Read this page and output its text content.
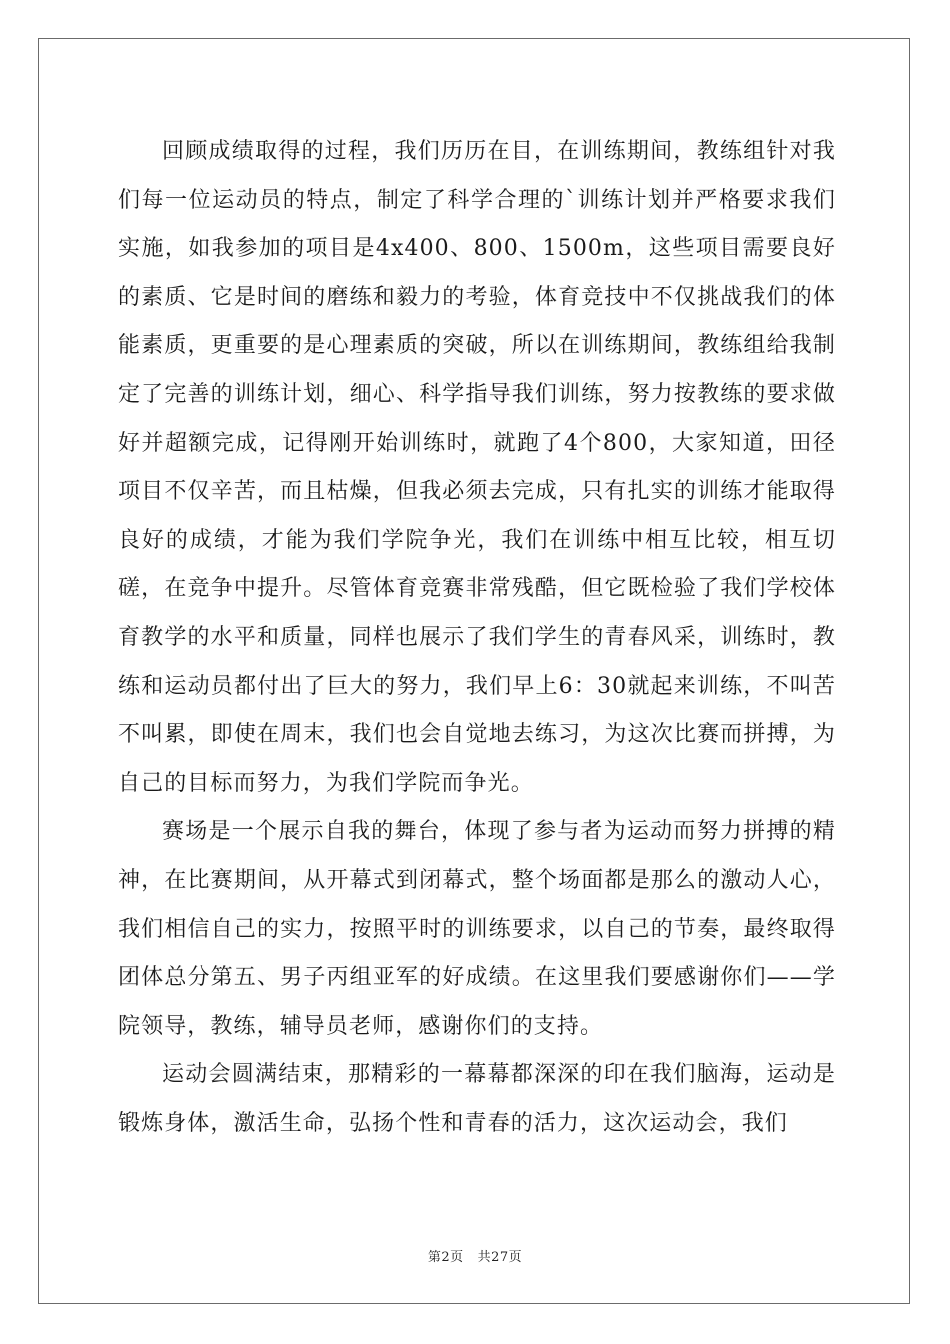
回顾成绩取得的过程，我们历历在目，在训练期间，教练组针对我们每一位运动员的特点，制定了科学合理的`训练计划并严格要求我们实施，如我参加的项目是4x400、800、1500m，这些项目需要良好的素质、它是时间的磨练和毅力的考验，体育竞技中不仅挑战我们的体能素质，更重要的是心理素质的突破，所以在训练期间，教练组给我制定了完善的训练计划，细心、科学指导我们训练，努力按教练的要求做好并超额完成，记得刚开始训练时，就跑了4个800，大家知道，田径项目不仅辛苦，而且枯燥，但我必须去完成，只有扎实的训练才能取得良好的成绩，才能为我们学院争光，我们在训练中相互比较，相互切磋，在竞争中提升。尽管体育竞赛非常残酷，但它既检验了我们学校体育教学的水平和质量，同样也展示了我们学生的青春风采，训练时，教练和运动员都付出了巨大的努力，我们早上6：30就起来训练，不叫苦不叫累，即使在周末，我们也会自觉地去练习，为这次比赛而拼搏，为自己的目标而努力，为我们学院而争光。

赛场是一个展示自我的舞台，体现了参与者为运动而努力拼搏的精神，在比赛期间，从开幕式到闭幕式，整个场面都是那么的激动人心，我们相信自己的实力，按照平时的训练要求，以自己的节奏，最终取得团体总分第五、男子丙组亚军的好成绩。在这里我们要感谢你们——学院领导，教练，辅导员老师，感谢你们的支持。

运动会圆满结束，那精彩的一幕幕都深深的印在我们脑海，运动是锻炼身体，激活生命，弘扬个性和青春的活力，这次运动会，我们

第2页 共27页
